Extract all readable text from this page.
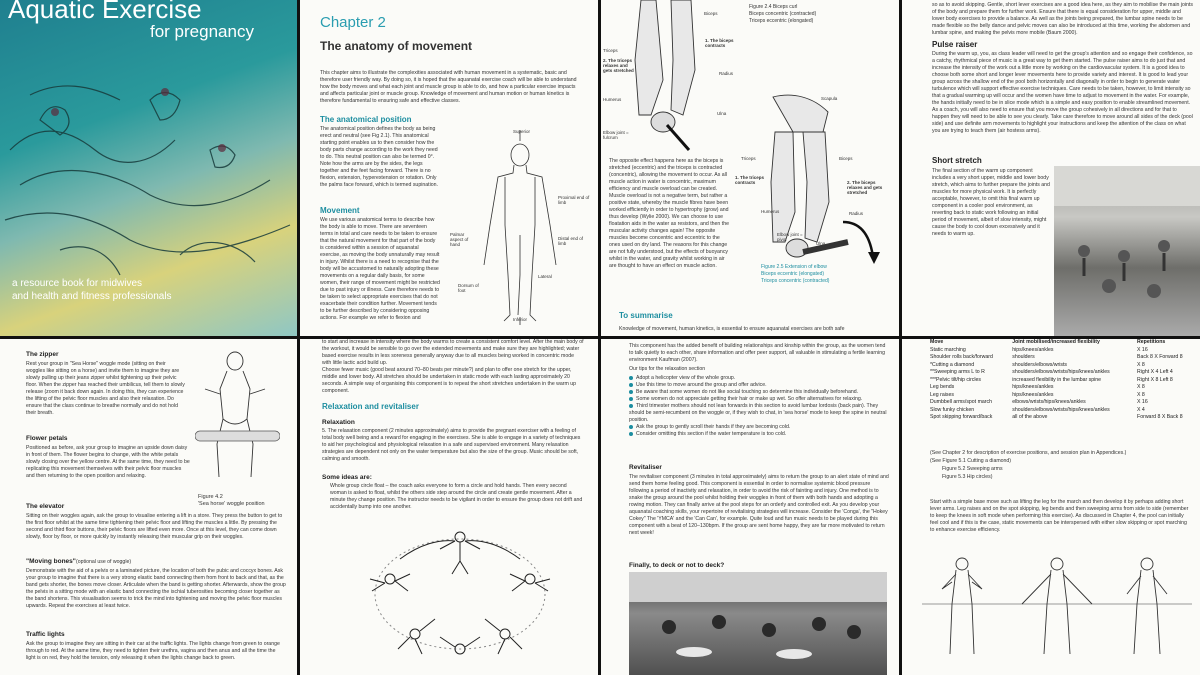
Aquatic Exercise
for pregnancy
a resource book for midwives
and health and fitness professionals
Chapter 2
The anatomy of movement
This chapter aims to illustrate the complexities associated with human movement in a systematic, basic and therefore user friendly way. By doing so, it is hoped that the aquanatal exercise coach will be able to understand how the body moves and what each joint and muscle group is able to do, and how a particular exercise impacts and affects particular joint or muscle group. Knowledge of movement and human motion or human kinetics is therefore fundamental to ensuring safe and effective classes.
The anatomical position
The anatomical position defines the body as being erect and neutral (see Fig 2.1). This anatomical starting point enables us to then consider how the body parts change according to the work they need to do. This neutral position can also be termed 0°. Note how the arms are by the sides, the legs together and the feet facing forward. There is no flexion, extension, hyperextension or rotation. Only the palms face forward, which is termed supination.
Movement
We use various anatomical terms to describe how the body is able to move. There are seventeen terms in total and care needs to be taken to ensure that the natural movement for that part of the body is considered within a session of aquanatal exercise, as moving the body unnaturally may result in injury. Whilst there is a need to recognise that the body will be accustomed to naturally adopting these movements on a regular daily basis, for some women, their range of movement might be restricted due to past injury or illness. Care therefore needs to be taken to select appropriate exercises that do not exacerbate their condition further. Movement tends to be further described by considering opposing actions. For example we refer to flexion and
Superior
Proximal end of limb
Palmar aspect of hand
Distal end of limb
Lateral
Dorsum of foot
Inferior
Biceps
Triceps
1. The biceps contracts
2. The triceps relaxes and gets stretched
Radius
Humerus
Ulna
Elbow joint = fulcrum
Figure 2.4 Biceps curl
Biceps concentric (contracted)
Triceps eccentric (elongated)
The opposite effect happens here as the biceps is stretched (eccentric) and the triceps is contracted (concentric), allowing the movement to occur. As all muscle action in water is concentric, maximum efficiency and muscle overload can be created. Muscle overload is not a negative term, but rather a positive state, whereby the muscle fibres have been worked efficiently in order to hypertrophy (grow) and thus develop (Wylie 2000). We can choose to use floatation aids in the water as resistors, and then the muscular activity changes again! The opposite muscles become concentric and eccentric to the ones used on dry land. The reasons for this change are not fully understood, but the effects of buoyancy whilst in the water, and gravity whilst working in air are thought to have an effect on muscle action.
Scapula
Triceps	Biceps
1. The triceps contracts	2. The biceps relaxes and gets stretched
Humerus	Radius
Elbow joint = pivot
Ulna
Figure 2.5 Extension of elbow
Biceps eccentric (elongated)
Triceps concentric (contracted)
To summarise
Knowledge of movement, human kinetics, is essential to ensure aquanatal exercises are both safe
so as to avoid skipping. Gentle, short lever exercises are a good idea here, as they aim to mobilise the main joints of the body and prepare them for further work. Ensure that there is equal consideration for upper, middle and lower body exercises to provide a balance. As well as the joints being prepared, the lumbar spine needs to be made flexible so the belly dance and pelvic moves can also be introduced at this time, working the abdomen and lumbar spine, and making the pelvis more mobile (Baum 2000).
Pulse raiser
During the warm up, you, as class leader will need to get the group's attention and so engage their confidence, so a catchy, rhythmical piece of music is a great way to get them started. The pulse raiser aims to do just that and increase the intensity of the work out a little more by working on the cardiovascular system. It is a good idea to choose both some short and longer lever movements here to provide variety and interest. It is good to lead your group across the shallow end of the pool both horizontally and diagonally in order to begin to generate water turbulence which will support effective exercise techniques. Care needs to be taken, however, to limit intensity so that a gradual warming up will occur and the women have time to adjust to movement in the water. For example, the hands initially need to be in slice mode which is a simple and easy position to enable streamlined movement. As a coach, you will also need to ensure that you move the group cohesively in all directions and for that to happen they will need to be able to see you clearly. Take care therefore to move around all sides of the deck (pool side) and use definite arm movements to highlight your instructions and keep the attention of the class on what you are trying to teach them (air hostess arms).
Short stretch
The final section of the warm up component includes a very short upper, middle and lower body stretch, which aims to further prepare the joints and muscles for more physical work. It is perfectly acceptable, however, to omit this final warm up component in a cooler pool environment, as reverting back to static work following an initial period of movement, albeit of slow intensity, might cause the body to cool down excessively and it needs to warm up.
The zipper
Rest your group in "Sea Horse" woggle mode (sitting on their woggles like sitting on a horse) and invite them to imagine they are slowly pulling up their jeans zipper whilst tightening up their pelvic floor. When the zipper has reached their umbilicus, tell them to slowly release (zoom it back down again. In doing this, they can experience the lifting of the pelvic floor muscles and also their relaxation. Do ensure that the class continue to breathe normally and do not hold their breath.
Figure 4.2
'Sea horse' woggle position
Flower petals
Positioned as before, ask your group to imagine an upside down daisy in front of them. The flower begins to change, with the white petals slowly closing over the yellow centre. At the same time, they need to be replicating this movement themselves with their pelvic floor muscles and then returning to the open position and relaxing.
The elevator
Sitting on their woggles again, ask the group to visualise entering a lift in a store. They press the button to get to the first floor whilst at the same time tightening their pelvic floor and lifting the muscles a little. By pressing the second and third floor buttons, their pelvic floors are lifted even more. Once at this level, they can come down slowly, floor by floor, or more quickly by instantly releasing their muscular grip on their woggles.
"Moving bones" (optional use of woggle)
Demonstrate with the aid of a pelvis or a laminated picture, the location of both the pubic and coccyx bones. Ask your group to imagine that there is a very strong elastic band connecting them from front to back and that, as the band gets shorter, the bones move closer. Articulate when the band is getting shorter. Afterwards, show the group the pelvis in a sitting mode with an elastic band connecting the ischial tuberosities becoming closer together as the band shortens. This visualisation seems to trick the mind into tightening and moving the pelvic floor muscles upwards. Repeat the exercises at least twice.
Traffic lights
Ask the group to imagine they are sitting in their car at the traffic lights. The lights change from green to orange through to red. At the same time, they need to tighten their urethra, vagina and then anus and all the time the light is on red, they hold the tension, only releasing it when the lights change back to green.
to start and increase in intensity where the body warms to create a consistent comfort level. After the main body of the workout, it would be sensible to go over the extended movements and make sure they are highlighted; water based exercise results in less soreness generally anyway due to all muscles being worked in concentric mode with little lactic acid build up.
Choose fewer music (good beat around 70–80 beats per minute?) and plan to offer one stretch for the upper, middle and lower body. All stretches should be undertaken in static mode with each lasting approximately 20 seconds. A simple way of organising this component is to repeat the short stretches undertaken in the warm up component.
Relaxation and revitaliser
Relaxation
5. The relaxation component (2 minutes approximately) aims to provide the pregnant exerciser with a feeling of total body well being and a reward for engaging in the exercises. She is able to engage in a variety of techniques to aid her psychological and physiological relaxation in a safe and supervised environment. Many relaxation strategies are dependent not only on the water temperature but also the size of the group. Music should be soft, calming and smooth.
Some ideas are:
Whole group circle float – the coach asks everyone to form a circle and hold hands. Then every second woman is asked to float, whilst the others side step around the circle and create gentle movement. After a minute they change position. The instructor needs to be vigilant in order to ensure the group does not drift and accidentally bump into one another.
This component has the added benefit of building relationships and kinship within the group, as the women tend to talk quietly to each other, share information and offer peer support, all valuable in stimulating a fertile learning environment Kaufman (2007).
Our tips for the relaxation section
Adopt a helicopter view of the whole group.
Use this time to move around the group and offer advice.
Be aware that some women do not like social touching so determine this individually beforehand.
Some women do not appreciate getting their hair or make up wet. So offer alternatives for relaxing.
Third trimester mothers should not lean forwards in this section to avoid lumbar lordosis (back pain). They should be semi-recumbent on the woggle or, if they wish to chat, in 'sea horse' mode to keep the spine in neutral position.
Ask the group to gently scroll their hands if they are becoming cold.
Consider omitting this section if the water temperature is too cold.
Revitaliser
The revitaliser component (3 minutes in total approximately) aims to return the group to an alert state of mind and send them home feeling good. This component is essential in order to normalise systemic blood pressure following a period of inactivity and relaxation, in order to avoid the risk of fainting and injury. One method is to snake the group around the pool whilst holding their woggles in front of them with both hands and adopting a rowing motion. They can finally arrive at the pool steps for an orderly and controlled exit. As you develop your aquanatal coaching skills, your repertoire of revitalising strategies will increase. Consider the 'Conga', the "Hokey Cokey" The 'YMCA' and the 'Can Can', for example. Quite loud and fun music needs to be played during this component with a beat of 120–130bpm. If the group are sent home happy, they are far more motivated to return next week!
Finally, to deck or not to deck?
Move	Joint mobilised/increased flexibility	Repetitions
Static marching	hips/knees/ankles	X 16
Shoulder rolls back/forward	shoulders	Back 8 X Forward 8
*Cutting a diamond	shoulders/elbows/wrists	X 8
**Sweeping arms L to R	shoulders/elbows/wrists/hips/knees/ankles	Right X 4 Left 4
***Pelvic tilt/hip circles	increased flexibility in the lumbar spine	Right X 8 Left 8
Leg bends	hips/knees/ankles	X 8
Leg raises	hips/knees/ankles	X 8
Dumbbell arms/spot march	elbows/wrists/hips/knees/ankles	X 16
Slow funky chicken	shoulders/elbows/wrists/hips/knees/ankles	X 4
Spot skipping forward/back	all of the above	Forward 8 X Back 8
(See Chapter 2 for description of exercise positions, and session plan in Appendices.)
(See Figure 5.1 Cutting a diamond)
Figure 5.2 Sweeping arms
Figure 5.3 Hip circles)
Start with a simple base move such as lifting the leg for the march and then develop it by perhaps adding short lever arms. Leg raises and on the spot skipping, leg bends and then sweeping arms from side to side (remember to keep the knees in soft mode when performing this exercise). As discussed in Chapter 4, the pool can initially feel cool and if this is the case, static movements can be interspersed with either slow skipping or spot marching to enhance exercise efficiency.
